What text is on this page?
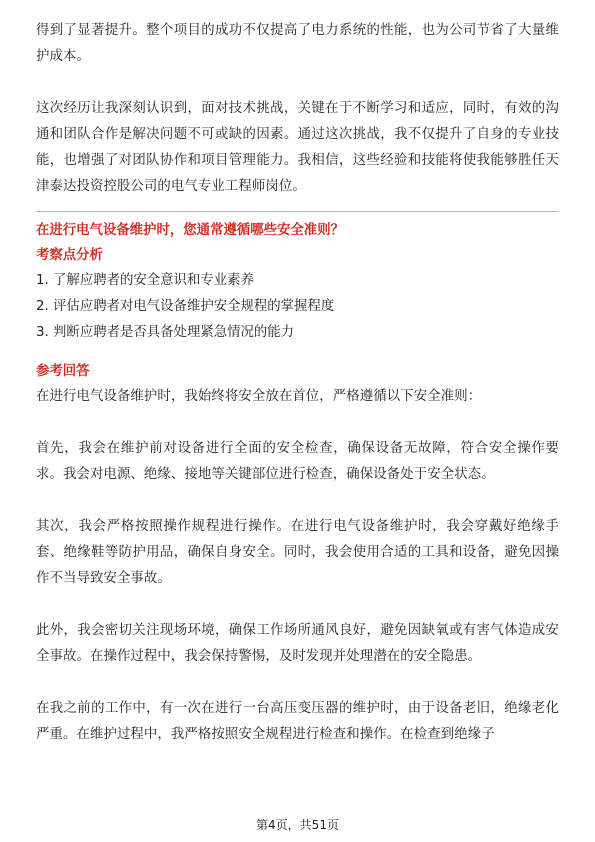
得到了显著提升。整个项目的成功不仅提高了电力系统的性能，也为公司节省了大量维护成本。

这次经历让我深刻认识到，面对技术挑战，关键在于不断学习和适应，同时，有效的沟通和团队合作是解决问题不可或缺的因素。通过这次挑战，我不仅提升了自身的专业技能，也增强了对团队协作和项目管理能力。我相信，这些经验和技能将使我能够胜任天津泰达投资控股公司的电气专业工程师岗位。

在进行电气设备维护时，您通常遵循哪些安全准则？
考察点分析
1. 了解应聘者的安全意识和专业素养
2. 评估应聘者对电气设备维护安全规程的掌握程度
3. 判断应聘者是否具备处理紧急情况的能力
参考回答

在进行电气设备维护时，我始终将安全放在首位，严格遵循以下安全准则：

首先，我会在维护前对设备进行全面的安全检查，确保设备无故障，符合安全操作要求。我会对电源、绝缘、接地等关键部位进行检查，确保设备处于安全状态。

其次，我会严格按照操作规程进行操作。在进行电气设备维护时，我会穿戴好绝缘手套、绝缘鞋等防护用品，确保自身安全。同时，我会使用合适的工具和设备，避免因操作不当导致安全事故。

此外，我会密切关注现场环境，确保工作场所通风良好，避免因缺氧或有害气体造成安全事故。在操作过程中，我会保持警惕，及时发现并处理潜在的安全隐患。

在我之前的工作中，有一次在进行一台高压变压器的维护时，由于设备老旧，绝缘老化严重。在维护过程中，我严格按照安全规程进行检查和操作。在检查到绝缘子

第4页，共51页
